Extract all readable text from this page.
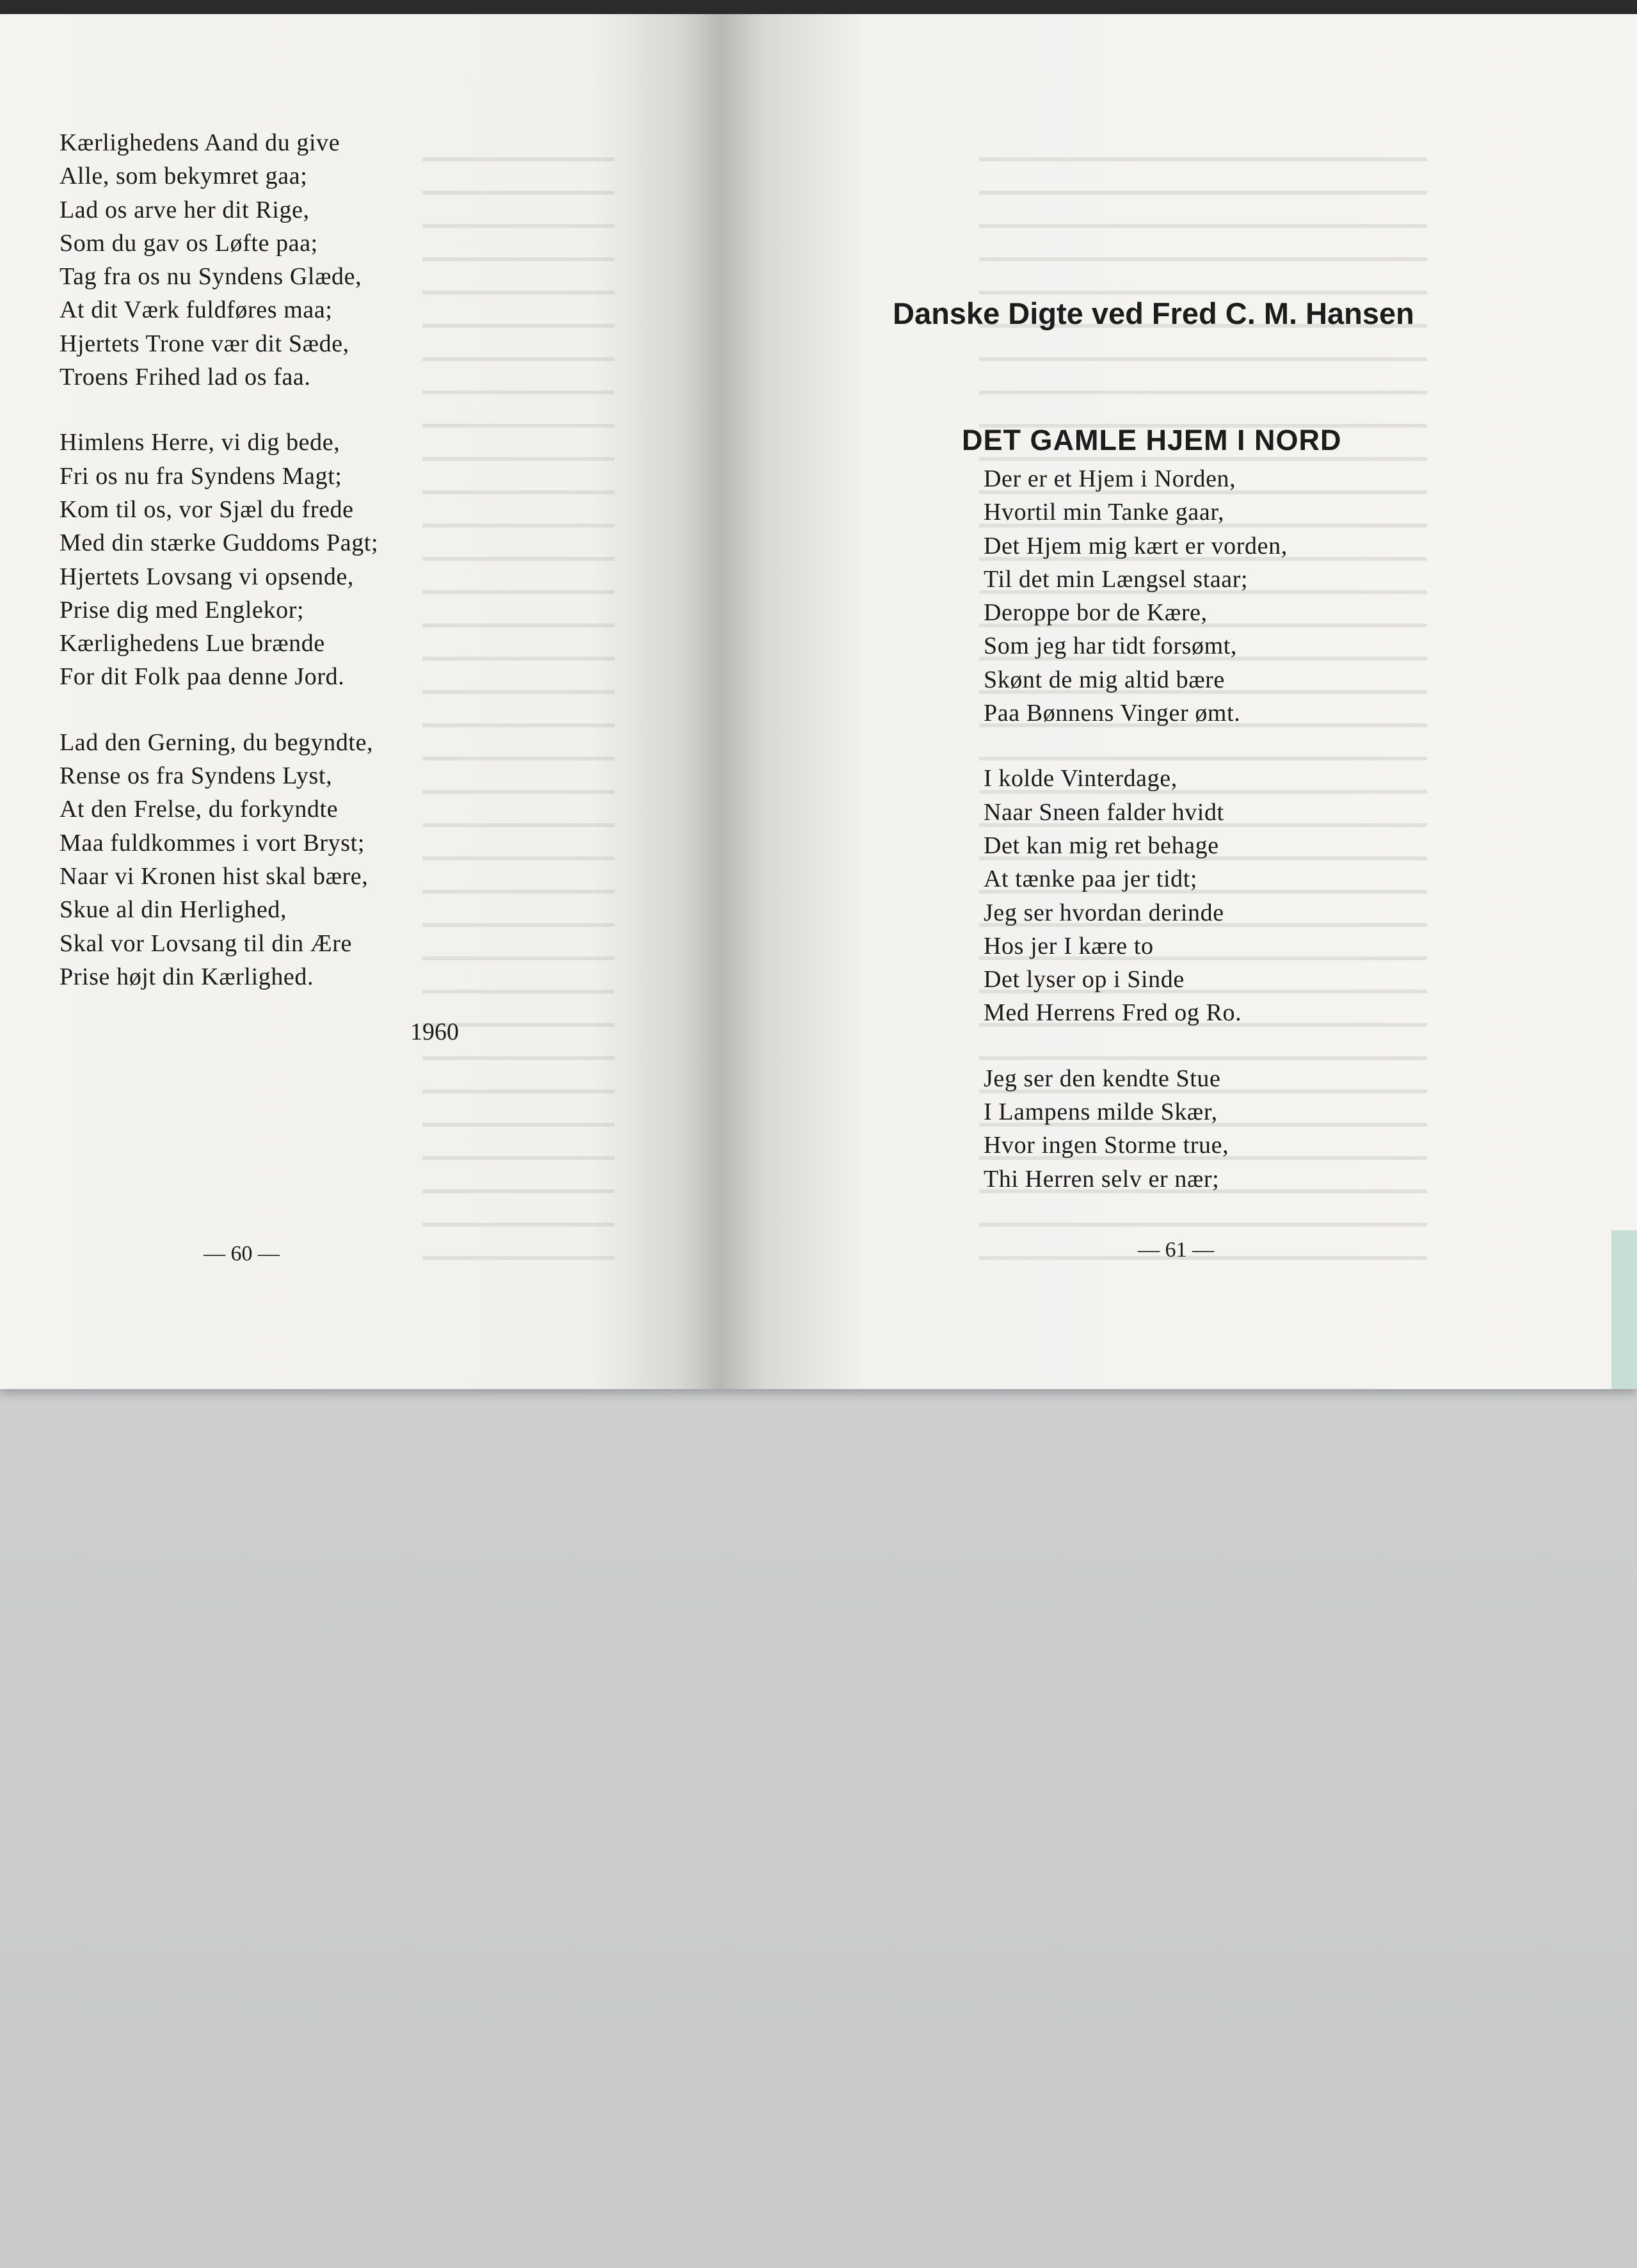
Kærlighedens Aand du give
Alle, som bekymret gaa;
Lad os arve her dit Rige,
Som du gav os Løfte paa;
Tag fra os nu Syndens Glæde,
At dit Værk fuldføres maa;
Hjertets Trone vær dit Sæde,
Troens Frihed lad os faa.
Himlens Herre, vi dig bede,
Fri os nu fra Syndens Magt;
Kom til os, vor Sjæl du frede
Med din stærke Guddoms Pagt;
Hjertets Lovsang vi opsende,
Prise dig med Englekor;
Kærlighedens Lue brænde
For dit Folk paa denne Jord.
Lad den Gerning, du begyndte,
Rense os fra Syndens Lyst,
At den Frelse, du forkyndte
Maa fuldkommes i vort Bryst;
Naar vi Kronen hist skal bære,
Skue al din Herlighed,
Skal vor Lovsang til din Ære
Prise højt din Kærlighed.
1960
— 60 —
Danske Digte ved Fred C. M. Hansen
DET GAMLE HJEM I NORD
Der er et Hjem i Norden,
Hvortil min Tanke gaar,
Det Hjem mig kært er vorden,
Til det min Længsel staar;
Deroppe bor de Kære,
Som jeg har tidt forsømt,
Skønt de mig altid bære
Paa Bønnens Vinger ømt.
I kolde Vinterdage,
Naar Sneen falder hvidt
Det kan mig ret behage
At tænke paa jer tidt;
Jeg ser hvordan derinde
Hos jer I kære to
Det lyser op i Sinde
Med Herrens Fred og Ro.
Jeg ser den kendte Stue
I Lampens milde Skær,
Hvor ingen Storme true,
Thi Herren selv er nær;
— 61 —
